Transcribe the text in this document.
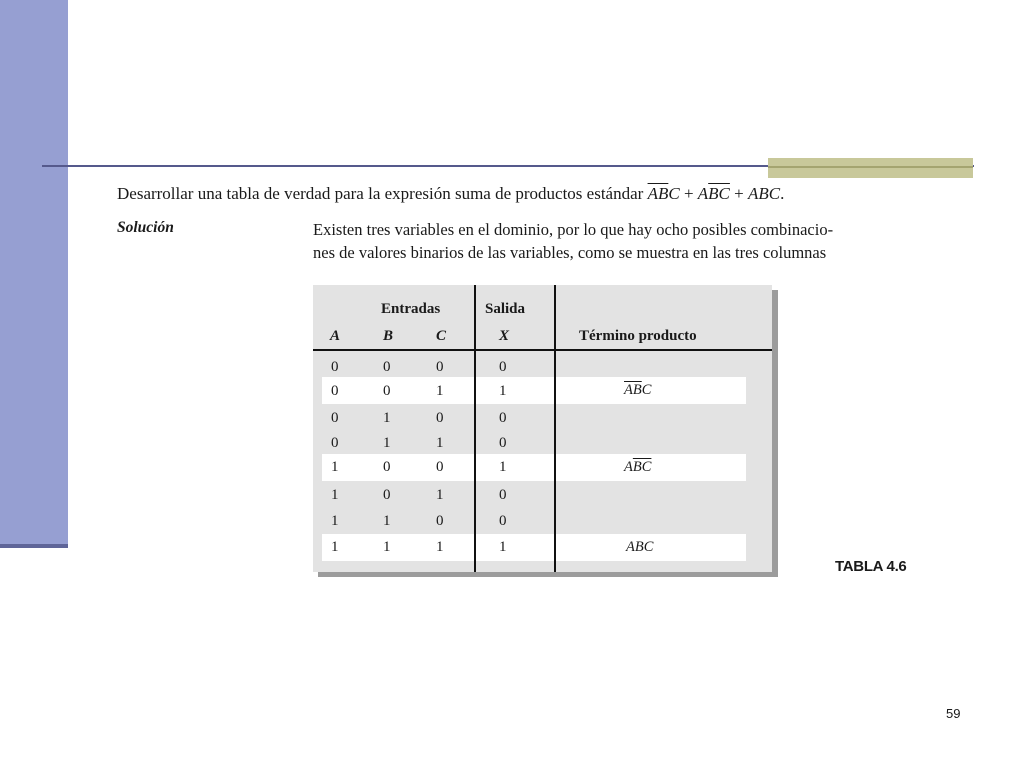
Desarrollar una tabla de verdad para la expresión suma de productos estándar $\overline{AB}C + A\overline{BC}$ + ABC.
Solución	Existen tres variables en el dominio, por lo que hay ocho posibles combinacio-
nes de valores binarios de las variables, como se muestra en las tres columnas
Entradas	Salida
A	B	C	X	Término producto
0	0	0	0
0	0	1	1	$\overline{AB}C$
0	1	0	0
0	1	1	0
1	0	0	1	$A\overline{BC}$
1	0	1	0
1	1	0	0
1	1	1	1	ABC
TABLA 4.6
59
